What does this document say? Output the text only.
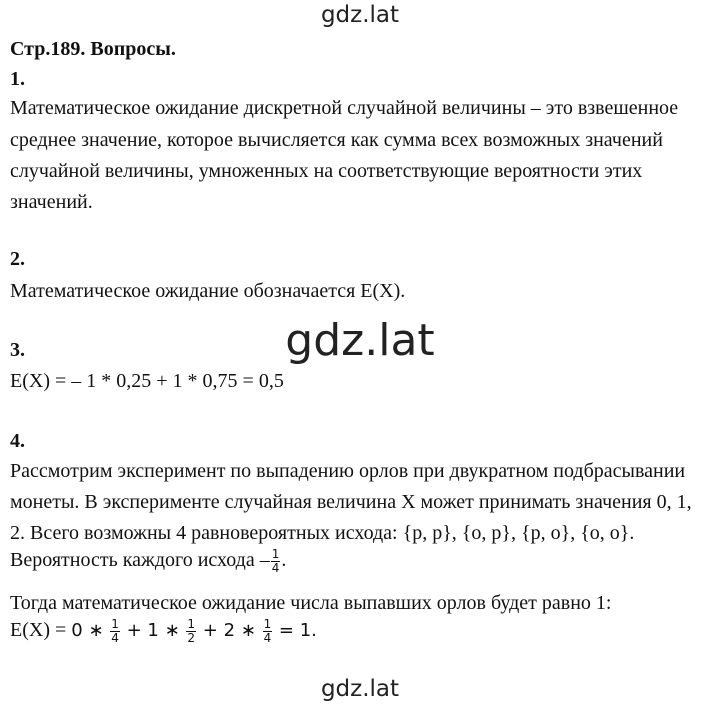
gdz.lat
Стр.189. Вопросы.
1.
Математическое ожидание дискретной случайной величины – это взвешенное
среднее значение, которое вычисляется как сумма всех возможных значений
случайной величины, умноженных на соответствующие вероятности этих
значений.
2.
Математическое ожидание обозначается E(X).
3.
E(X) = – 1 * 0,25 + 1 * 0,75 = 0,5
gdz.lat
4.
Рассмотрим эксперимент по выпадению орлов при двукратном подбрасывании
монеты. В эксперименте случайная величина X может принимать значения 0, 1,
2. Всего возможны 4 равновероятных исхода: {р, р}, {о, р}, {р, о}, {о, о}.
Вероятность каждого исхода – $\frac{1}{4}$ .
Тогда математическое ожидание числа выпавших орлов будет равно 1:
E(X) = 0 ∗ $\frac{1}{4} + 1$ ∗ $\frac{1}{2} + 2$ ∗ $\frac{1}{4} = 1$.
gdz.lat
